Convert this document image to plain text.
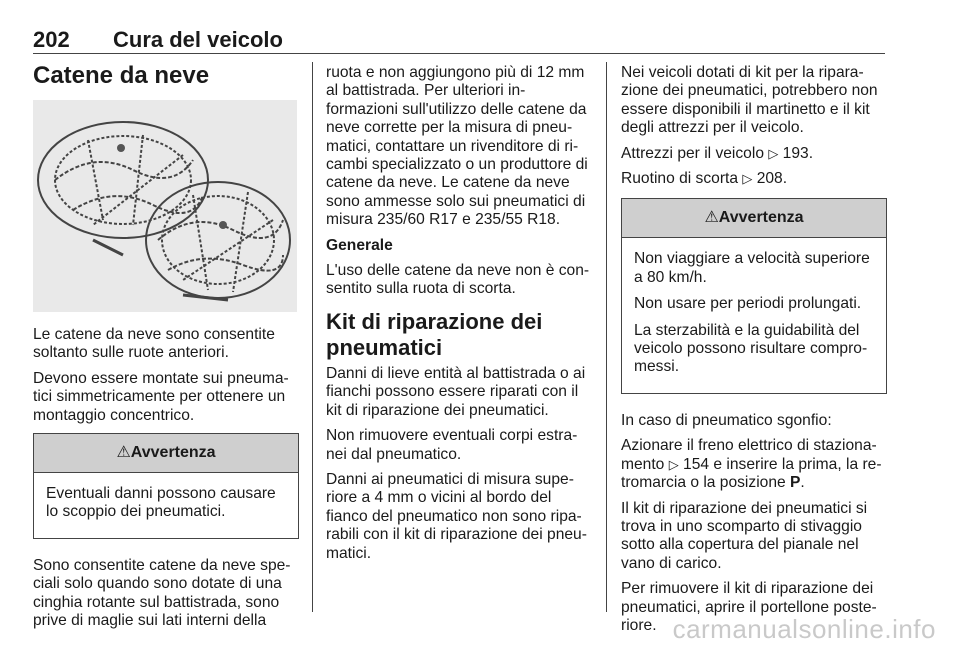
202 Cura del veicolo
Catene da neve

Le catene da neve sono consentite soltanto sulle ruote anteriori.

Devono essere montate sui pneumatici simmetricamente per ottenere un montaggio concentrico.

⚠Avvertenza

Eventuali danni possono causare lo scoppio dei pneumatici.

Sono consentite catene da neve speciali solo quando sono dotate di una cinghia rotante sul battistrada, sono prive di maglie sui lati interni della

ruota e non aggiungono più di 12 mm al battistrada. Per ulteriori informazioni sull'utilizzo delle catene da neve corrette per la misura di pneumatici, contattare un rivenditore di ricambi specializzato o un produttore di catene da neve. Le catene da neve sono ammesse solo sui pneumatici di misura 235/60 R17 e 235/55 R18.

Generale

L'uso delle catene da neve non è consentito sulla ruota di scorta.

Kit di riparazione dei pneumatici

Danni di lieve entità al battistrada o ai fianchi possono essere riparati con il kit di riparazione dei pneumatici.

Non rimuovere eventuali corpi estranei dal pneumatico.

Danni ai pneumatici di misura superiore a 4 mm o vicini al bordo del fianco del pneumatico non sono riparabili con il kit di riparazione dei pneumatici.

Nei veicoli dotati di kit per la riparazione dei pneumatici, potrebbero non essere disponibili il martinetto e il kit degli attrezzi per il veicolo.

Attrezzi per il veicolo ▷ 193.

Ruotino di scorta ▷ 208.

⚠Avvertenza

Non viaggiare a velocità superiore a 80 km/h.

Non usare per periodi prolungati.

La sterzabilità e la guidabilità del veicolo possono risultare compromessi.

In caso di pneumatico sgonfio:

Azionare il freno elettrico di stazionamento ▷ 154 e inserire la prima, la retromarcia o la posizione P.

Il kit di riparazione dei pneumatici si trova in uno scomparto di stivaggio sotto alla copertura del pianale nel vano di carico.

Per rimuovere il kit di riparazione dei pneumatici, aprire il portellone posteriore. carmanualsonline.info
